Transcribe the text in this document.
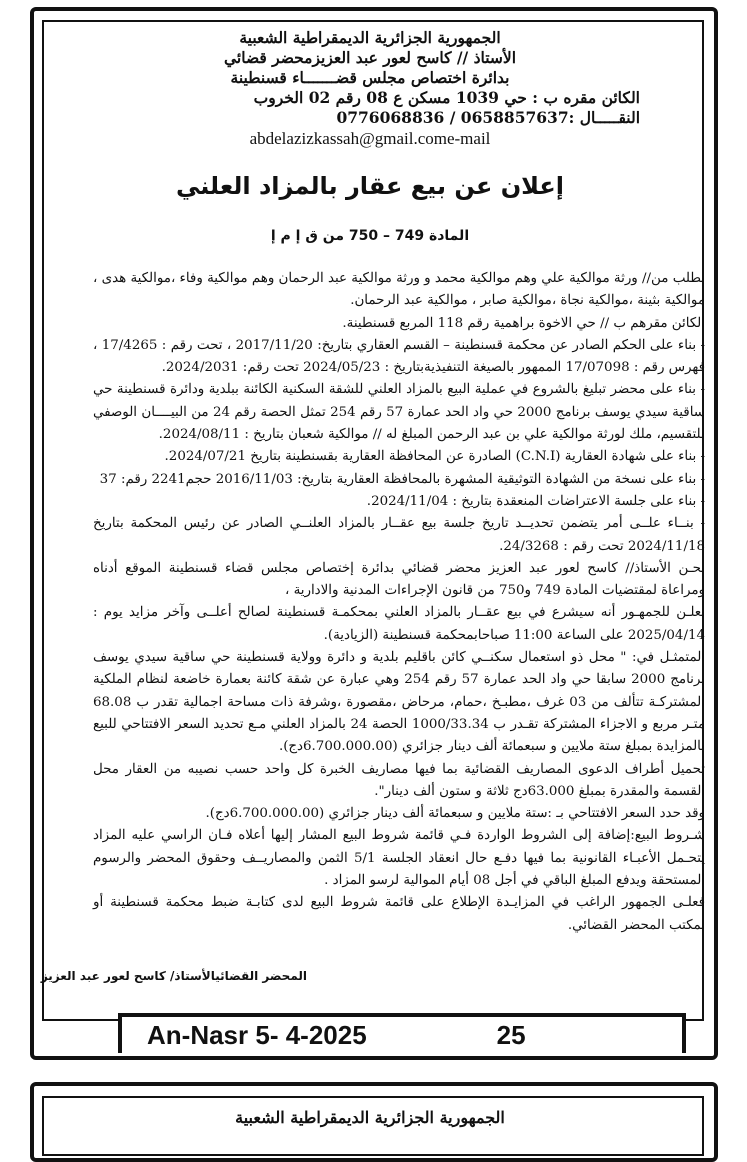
الجمهورية الجزائرية الديمقراطية الشعبية
الأستاذ // كاسح لعور عبد العزيزمحضر قضائي
بدائرة اختصاص مجلس قضـــــــاء قسنطينة
الكائن مقره ب : حي 1039 مسكن ع 08 رقم 02 الخروب
النقـــــال :0658857637 / 0776068836
abdelazizkassah@gmail.come-mail
إعلان عن بيع عقار بالمزاد العلني
المادة 749 – 750 من ق إ م إ

بطلب من// ورثة موالكية علي وهم موالكية محمد و ورثة موالكية عبد الرحمان وهم موالكية وفاء ،موالكية هدى ، موالكية بثينة ،موالكية نجاة ،موالكية صابر ، موالكية عبد الرحمان.

الكائن مقرهم ب // حي الاخوة براهمية رقم 118 المربع قسنطينة.

- بناء على الحكم الصادر عن محكمة قسنطينة – القسم العقاري بتاريخ: 2017/11/20 ، تحت رقم : 17/4265 ، فهرس رقم : 17/07098 الممهور بالصيغة التنفيذيةبتاريخ : 2024/05/23 تحت رقم: 2024/2031.

- بناء على محضر تبليغ بالشروع في عملية البيع بالمزاد العلني للشقة السكنية الكائنة ببلدية ودائرة قسنطينة حي ساقية سيدي يوسف برنامج 2000 حي واد الحد عمارة 57 رقم 254 تمثل الحصة رقم 24 من البيــــان الوصفي للتقسيم، ملك لورثة موالكية علي بن عبد الرحمن المبلغ له // موالكية شعبان بتاريخ : 2024/08/11.

- بناء على شهادة العقارية (C.N.I) الصادرة عن المحافظة العقارية بقسنطينة بتاريخ 2024/07/21.

- بناء على نسخة من الشهادة التوثيقية المشهرة بالمحافظة العقارية بتاريخ: 2016/11/03 حجم2241 رقم: 37

- بناء على جلسة الاعتراضات المنعقدة بتاريخ : 2024/11/04.

- بنــاء علــى أمر يتضمن تحديــد تاريخ جلسة بيع عقــار بالمزاد العلنــي الصادر عن رئيس المحكمة بتاريخ 2024/11/18 تحت رقم : 24/3268.

نحـن الأستاذ// كاسح لعور عبد العزيز محضر قضائي بدائرة إختصاص مجلس قضاء قسنطينة الموقع أدناه ومراعاة لمقتضيات المادة 749 و750 من قانون الإجراءات المدنية والادارية ،

نعلـن للجمهـور أنه سيشرع في بيع عقــار بالمزاد العلني بمحكمـة قسنطينة لصالح أعلــى وآخر مزايد يوم : 2025/04/14 على الساعة 11:00 صباحابمحكمة قسنطينة (الزيادية).

المتمثـل في: " محل ذو استعمال سكنــي كائن باقليم بلدية و دائرة وولاية قسنطينة حي ساقية سيدي يوسف برنامج 2000 سابقا حي واد الحد عمارة 57 رقم 254 وهي عبارة عن شقة كائنة بعمارة خاضعة لنظام الملكية المشتركـة تتألف من 03 غرف ،مطبـخ ،حمام، مرحاض ،مقصورة ،وشرفة ذات مساحة اجمالية تقدر ب 68.08 متـر مربع و الاجزاء المشتركة تقـدر ب 1000/33.34 الحصة 24 بالمزاد العلني مـع تحديد السعر الافتتاحي للبيع بالمزايدة بمبلغ ستة ملايين و سبعمائة ألف دينار جزائري (6.700.000.00دج).

تحميل أطراف الدعوى المصاريف القضائية بما فيها مصاريف الخبرة كل واحد حسب نصيبه من العقار محل القسمة والمقدرة بمبلغ 63.000دج ثلاثة و ستون ألف دينار".

وقد حدد السعر الافتتاحي بـ :ستة ملايين و سبعمائة ألف دينار جزائري (6.700.000.00دج).

شـروط البيع:إضافة إلى الشروط الواردة فـي قائمة شروط البيع المشار إليها أعلاه فـان الراسي عليه المزاد يتحـمل الأعبـاء القانونية بما فيها دفـع حال انعقاد الجلسة 5/1 الثمن والمصاريــف وحقوق المحضر والرسوم المستحقة ويدفع المبلغ الباقي في أجل 08 أيام الموالية لرسو المزاد .

فعلـى الجمهور الراغب في المزايـدة الإطلاع على قائمة شروط البيع لدى كتابـة ضبط محكمة قسنطينة أو بمكتب المحضر القضائي.

المحضر القضائيالأستاذ/ كاسح لعور عبد العزيز
An-Nasr 5- 4-2025	25
الجمهورية الجزائرية الديمقراطية الشعبية
